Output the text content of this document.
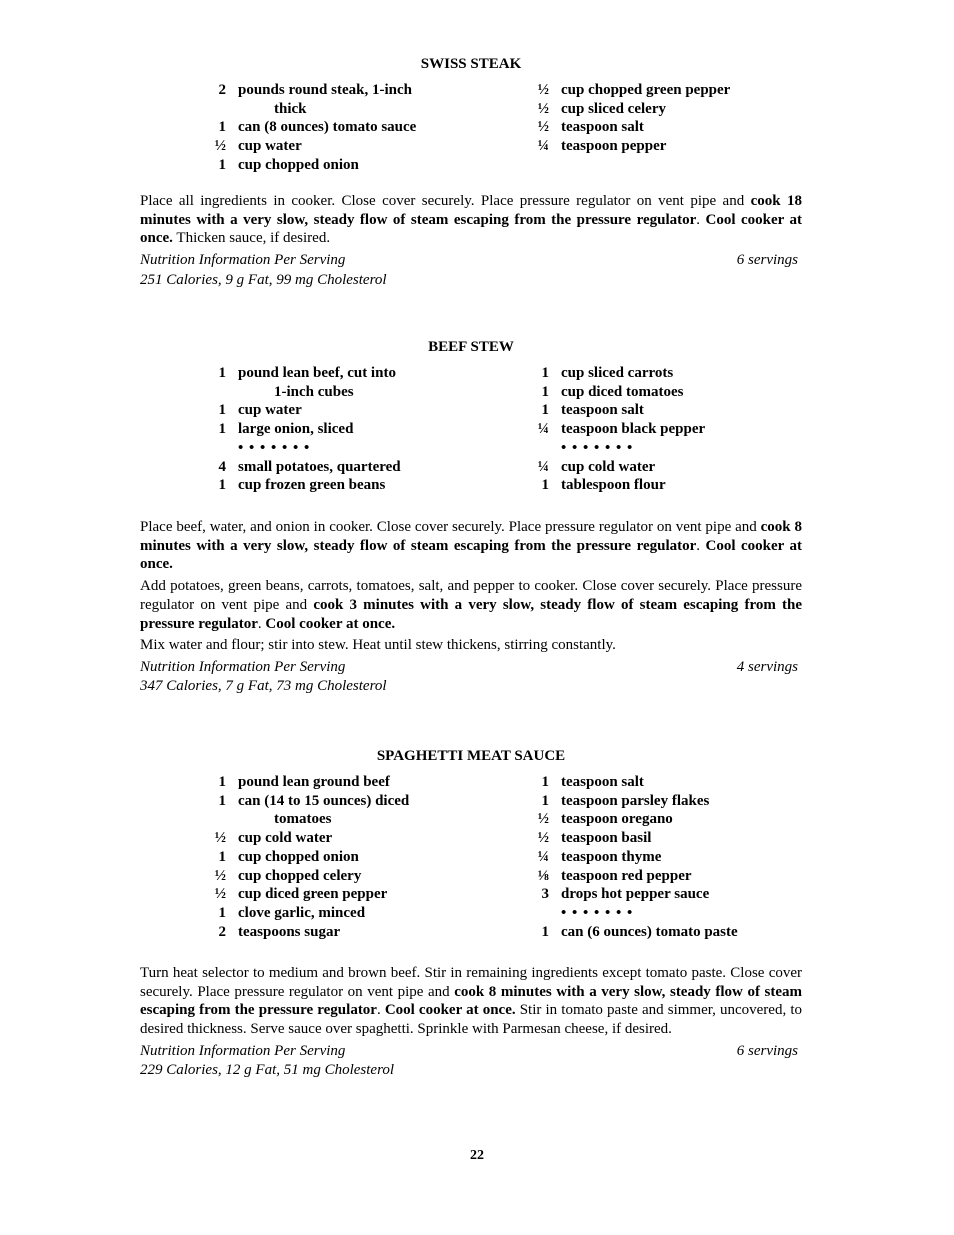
SWISS STEAK
2 pounds round steak, 1-inch
thick
1 can (8 ounces) tomato sauce
½ cup water
1 cup chopped onion
½ cup chopped green pepper
½ cup sliced celery
½ teaspoon salt
¼ teaspoon pepper

Place all ingredients in cooker. Close cover securely. Place pressure regulator on vent pipe and cook 18 minutes with a very slow, steady flow of steam escaping from the pressure regulator. Cool cooker at once. Thicken sauce, if desired.

Nutrition Information Per Serving	6 servings
251 Calories, 9 g Fat, 99 mg Cholesterol
BEEF STEW
1 pound lean beef, cut into
1-inch cubes
1 cup water
1 large onion, sliced
• • • • • • •
4 small potatoes, quartered
1 cup frozen green beans
1 cup sliced carrots
1 cup diced tomatoes
1 teaspoon salt
¼ teaspoon black pepper
• • • • • • •
¼ cup cold water
1 tablespoon flour

Place beef, water, and onion in cooker. Close cover securely. Place pressure regulator on vent pipe and cook 8 minutes with a very slow, steady flow of steam escaping from the pressure regulator. Cool cooker at once.

Add potatoes, green beans, carrots, tomatoes, salt, and pepper to cooker. Close cover securely. Place pressure regulator on vent pipe and cook 3 minutes with a very slow, steady flow of steam escaping from the pressure regulator. Cool cooker at once.

Mix water and flour; stir into stew. Heat until stew thickens, stirring constantly.

Nutrition Information Per Serving	4 servings
347 Calories, 7 g Fat, 73 mg Cholesterol
SPAGHETTI MEAT SAUCE
1 pound lean ground beef
1 can (14 to 15 ounces) diced
tomatoes
½ cup cold water
1 cup chopped onion
½ cup chopped celery
½ cup diced green pepper
1 clove garlic, minced
2 teaspoons sugar
1 teaspoon salt
1 teaspoon parsley flakes
½ teaspoon oregano
½ teaspoon basil
¼ teaspoon thyme
⅛ teaspoon red pepper
3 drops hot pepper sauce
• • • • • • •
1 can (6 ounces) tomato paste

Turn heat selector to medium and brown beef. Stir in remaining ingredients except tomato paste. Close cover securely. Place pressure regulator on vent pipe and cook 8 minutes with a very slow, steady flow of steam escaping from the pressure regulator. Cool cooker at once. Stir in tomato paste and simmer, uncovered, to desired thickness. Serve sauce over spaghetti. Sprinkle with Parmesan cheese, if desired.

Nutrition Information Per Serving	6 servings
229 Calories, 12 g Fat, 51 mg Cholesterol
22
